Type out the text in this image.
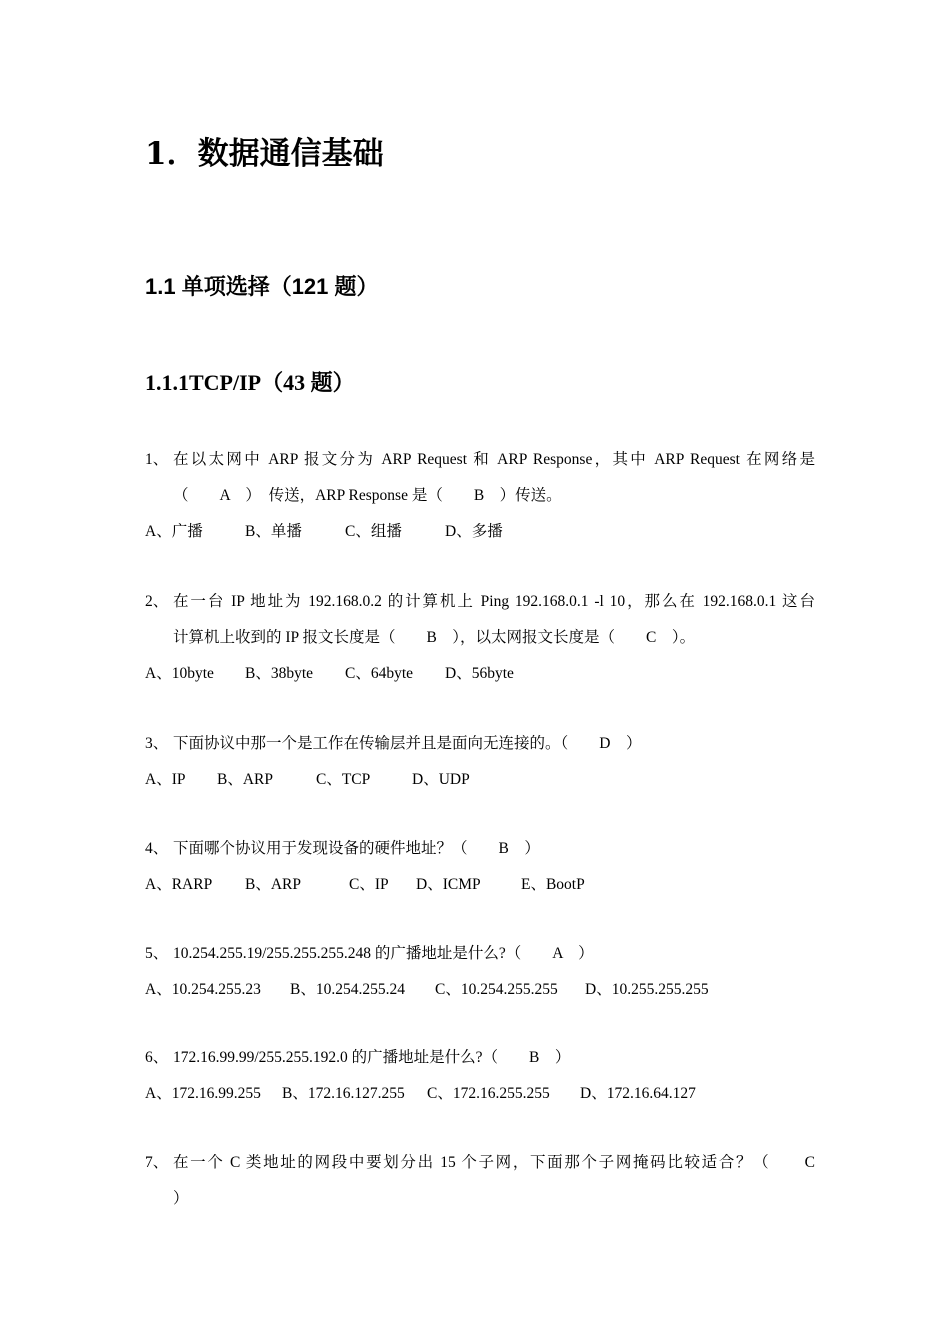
1．数据通信基础
1.1 单项选择（121 题）
1.1.1TCP/IP（43 题）
1、 在以太网中 ARP 报文分为 ARP Request 和 ARP Response，其中 ARP Request 在网络是
（　　A　）　传送，ARP Response 是（　　B　）传送。
A、广播	B、单播	C、组播	D、多播
2、 在一台 IP 地址为 192.168.0.2 的计算机上 Ping 192.168.0.1 -l 10，那么在 192.168.0.1 这台
计算机上收到的 IP 报文长度是（　　B　），以太网报文长度是（　　C　）。
A、10byte B、38byte C、64byte D、56byte
3、 下面协议中那一个是工作在传输层并且是面向无连接的。（　　D　）
A、IP B、ARP	C、TCP	D、UDP
4、 下面哪个协议用于发现设备的硬件地址？（　　B　）
A、RARP B、ARP	C、IP D、ICMP	E、BootP
5、 10.254.255.19/255.255.255.248 的广播地址是什么?（　　A　）
A、10.254.255.23 B、10.254.255.24 C、10.254.255.255 D、10.255.255.255
6、 172.16.99.99/255.255.192.0 的广播地址是什么?（　　B　）
A、172.16.99.255 B、172.16.127.255 C、172.16.255.255 D、172.16.64.127
7、 在一个 C 类地址的网段中要划分出 15 个子网，下面那个子网掩码比较适合？（　　C
）
